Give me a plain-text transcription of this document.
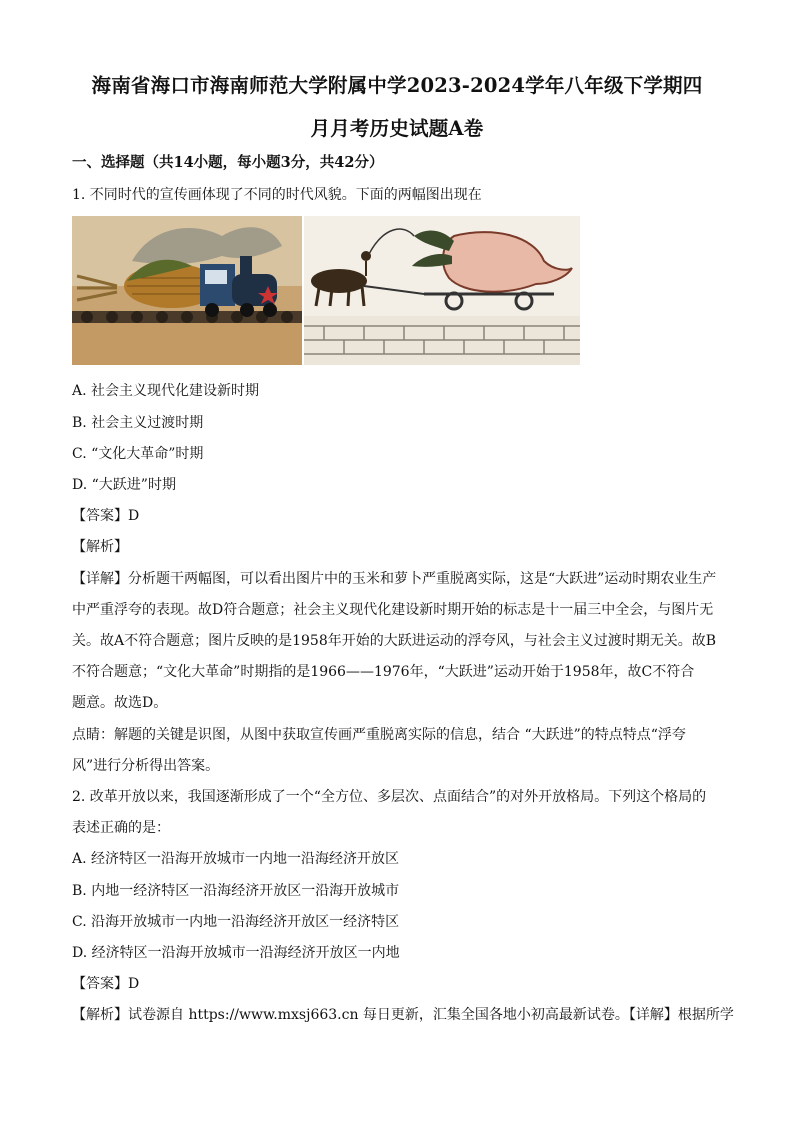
海南省海口市海南师范大学附属中学2023-2024学年八年级下学期四
月月考历史试题A卷
一、选择题（共14小题，每小题3分，共42分）
1. 不同时代的宣传画体现了不同的时代风貌。下面的两幅图出现在
A. 社会主义现代化建设新时期
B. 社会主义过渡时期
C. “文化大革命”时期
D. “大跃进”时期
【答案】D
【解析】
【详解】分析题干两幅图，可以看出图片中的玉米和萝卜严重脱离实际，这是“大跃进”运动时期农业生产
中严重浮夸的表现。故D符合题意；社会主义现代化建设新时期开始的标志是十一届三中全会，与图片无
关。故A不符合题意；图片反映的是1958年开始的大跃进运动的浮夸风，与社会主义过渡时期无关。故B
不符合题意；“文化大革命”时期指的是1966——1976年，“大跃进”运动开始于1958年，故C不符合
题意。故选D。
点睛：解题的关键是识图，从图中获取宣传画严重脱离实际的信息，结合 “大跃进”的特点特点“浮夸
风”进行分析得出答案。
2. 改革开放以来，我国逐渐形成了一个“全方位、多层次、点面结合”的对外开放格局。下列这个格局的
表述正确的是：
A. 经济特区一沿海开放城市一内地一沿海经济开放区
B. 内地一经济特区一沿海经济开放区一沿海开放城市
C. 沿海开放城市一内地一沿海经济开放区一经济特区
D. 经济特区一沿海开放城市一沿海经济开放区一内地
【答案】D
【解析】试卷源自 https://www.mxsj663.cn 每日更新，汇集全国各地小初高最新试卷。【详解】根据所学
